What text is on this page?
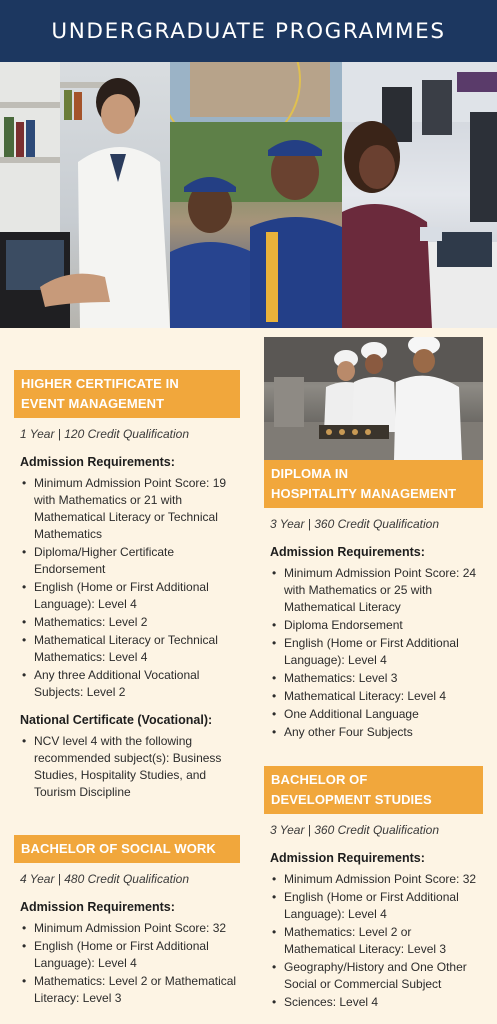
UNDERGRADUATE PROGRAMMES
HIGHER CERTIFICATE IN
EVENT MANAGEMENT
1 Year | 120 Credit Qualification
Admission Requirements:
• Minimum Admission Point Score: 19 with Mathematics or 21 with Mathematical Literacy or Technical Mathematics
• Diploma/Higher Certificate Endorsement
• English (Home or First Additional Language): Level 4
• Mathematics: Level 2
• Mathematical Literacy or Technical Mathematics: Level 4
• Any three Additional Vocational Subjects: Level 2
National Certificate (Vocational):
• NCV level 4 with the following recommended subject(s): Business Studies, Hospitality Studies, and Tourism Discipline
BACHELOR OF SOCIAL WORK
4 Year | 480 Credit Qualification
Admission Requirements:
• Minimum Admission Point Score: 32
• English (Home or First Additional Language): Level 4
• Mathematics: Level 2 or Mathematical Literacy: Level 3
DIPLOMA IN
HOSPITALITY MANAGEMENT
3 Year | 360 Credit Qualification
Admission Requirements:
• Minimum Admission Point Score: 24 with Mathematics or 25 with Mathematical Literacy
• Diploma Endorsement
• English (Home or First Additional Language): Level 4
• Mathematics: Level 3
• Mathematical Literacy: Level 4
• One Additional Language
• Any other Four Subjects
BACHELOR OF
DEVELOPMENT STUDIES
3 Year | 360 Credit Qualification
Admission Requirements:
• Minimum Admission Point Score: 32
• English (Home or First Additional Language): Level 4
• Mathematics: Level 2 or Mathematical Literacy: Level 3
• Geography/History and One Other Social or Commercial Subject
• Sciences: Level 4
